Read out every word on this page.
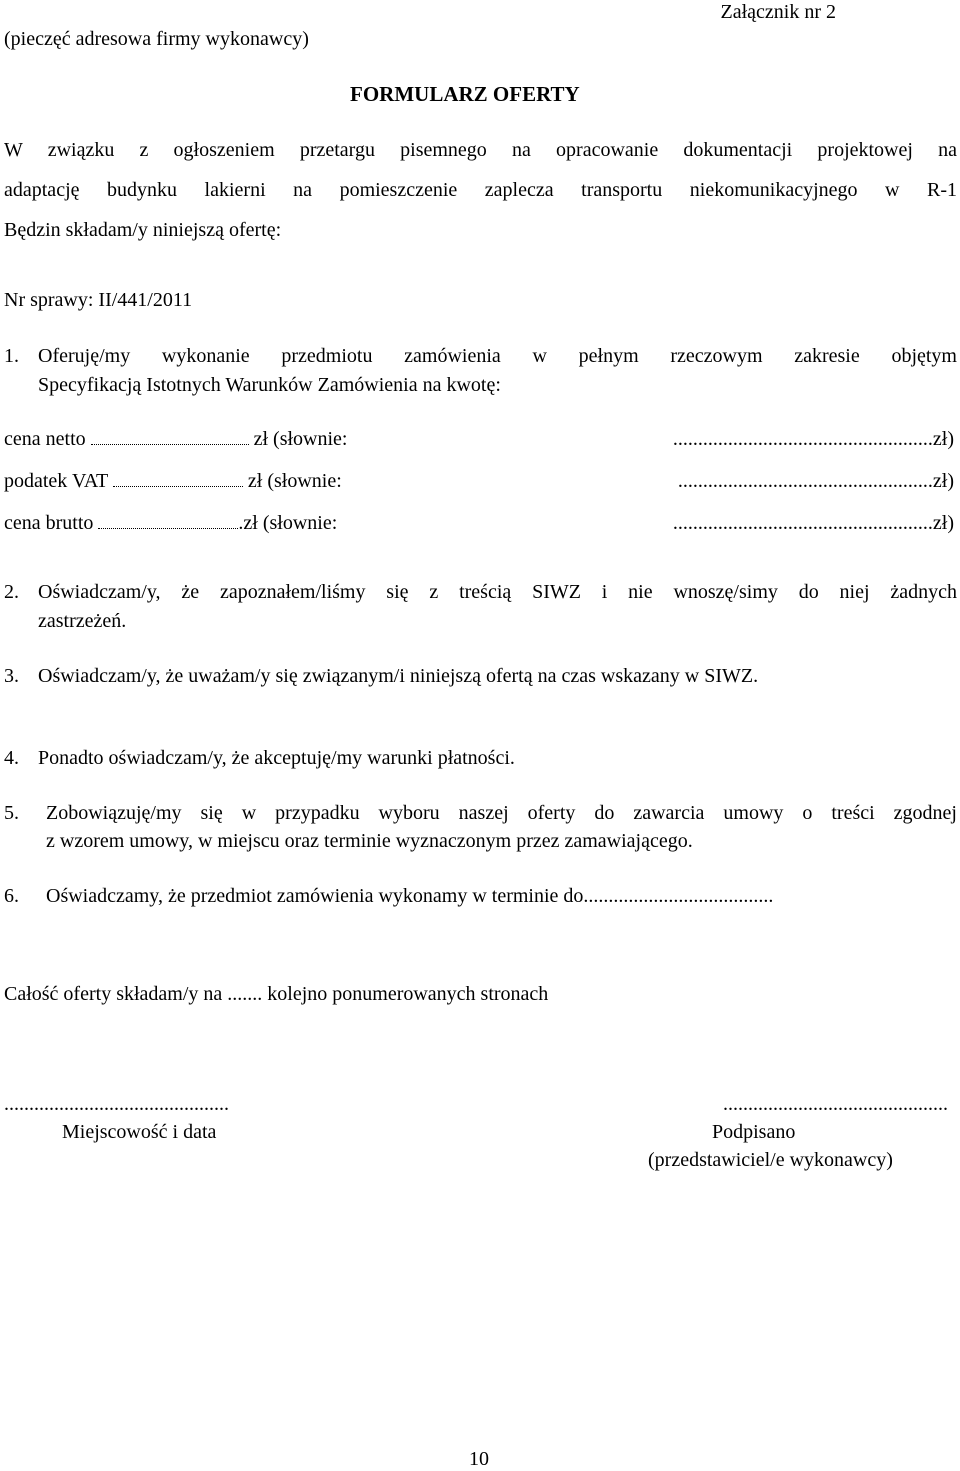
(pieczęć adresowa firmy wykonawcy)
Załącznik nr 2
FORMULARZ OFERTY
W związku z ogłoszeniem przetargu pisemnego na opracowanie dokumentacji projektowej na
adaptację budynku lakierni na pomieszczenie zaplecza transportu niekomunikacyjnego w R-1
Będzin składam/y niniejszą ofertę:
Nr sprawy: II/441/2011
1. Oferuję/my wykonanie przedmiotu zamówienia w pełnym rzeczowym zakresie objętym
Specyfikacją Istotnych Warunków Zamówienia na kwotę:
cena netto	zł (słownie:	....................................................zł)
podatek VAT	zł (słownie:	...................................................zł)
cena brutto	.zł (słownie:	....................................................zł)
2. Oświadczam/y, że zapoznałem/liśmy się z treścią SIWZ i nie wnoszę/simy do niej żadnych
zastrzeżeń.
3. Oświadczam/y, że uważam/y się związanym/i niniejszą ofertą na czas wskazany w SIWZ.
4. Ponadto oświadczam/y, że akceptuję/my warunki płatności.
5. Zobowiązuję/my się w przypadku wyboru naszej oferty do zawarcia umowy o treści zgodnej
z wzorem umowy, w miejscu oraz terminie wyznaczonym przez zamawiającego.
6. Oświadczamy, że przedmiot zamówienia wykonamy w terminie do......................................
Całość oferty składam/y na ....... kolejno ponumerowanych stronach
.............................................
Miejscowość i data
.............................................
Podpisano
(przedstawiciel/e wykonawcy)
10
